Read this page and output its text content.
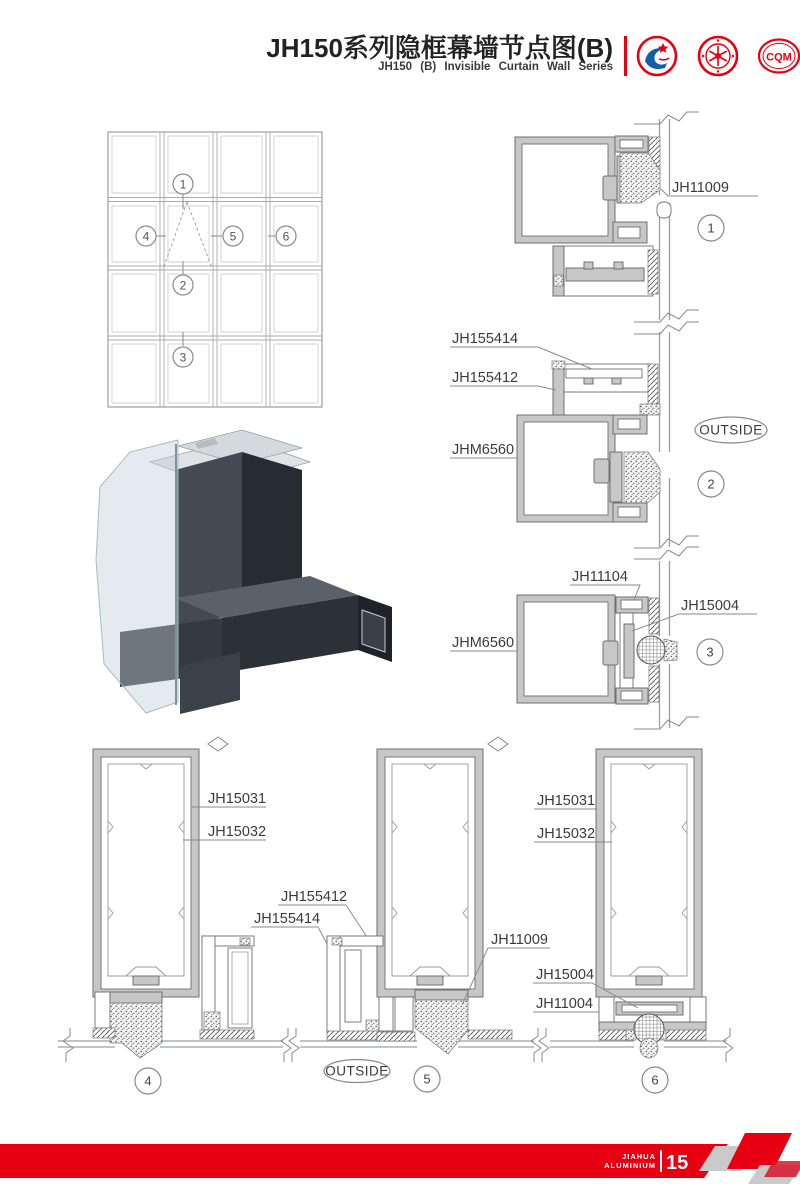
JH150系列隐框幕墙节点图(B)
JH150 (B) Invisible Curtain Wall Series
CQM
1
2
3
4	5	6
JH11009
1
JH155414
JH155412
JHM6560
OUTSIDE
2
JH11104
JH15004
JHM6560
3
JH15031
JH15032
JH155412
JH155414
4
JH11009
OUTSIDE
5
JH15031
JH15032
JH15004
JH11004
6
JIAHUA
ALUMINIUM 15
